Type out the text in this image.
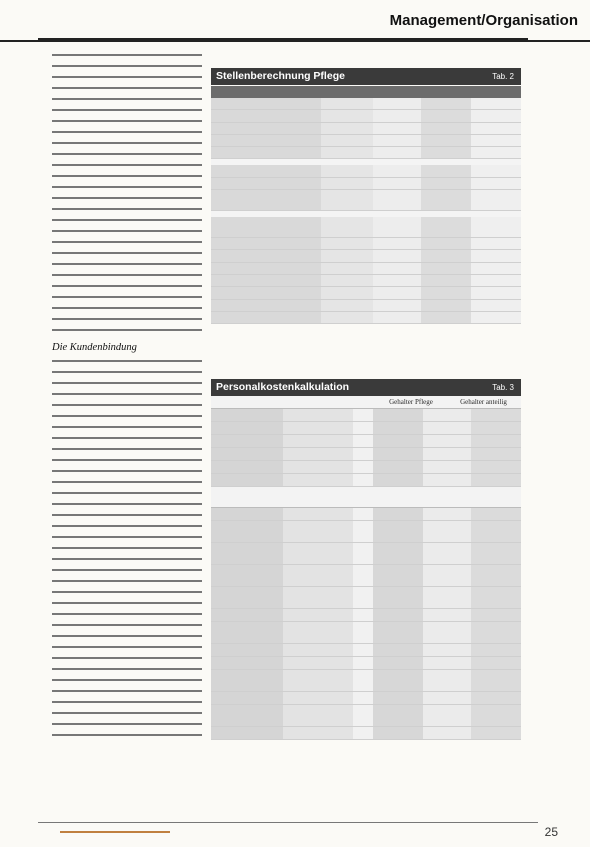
Management/Organisation
Die Kundenbindung
Stellenberechnung Pflege	Tab. 2
Personalkostenkalkulation	Tab. 3
Gehalter Pflege	Gehalter anteilig
25
